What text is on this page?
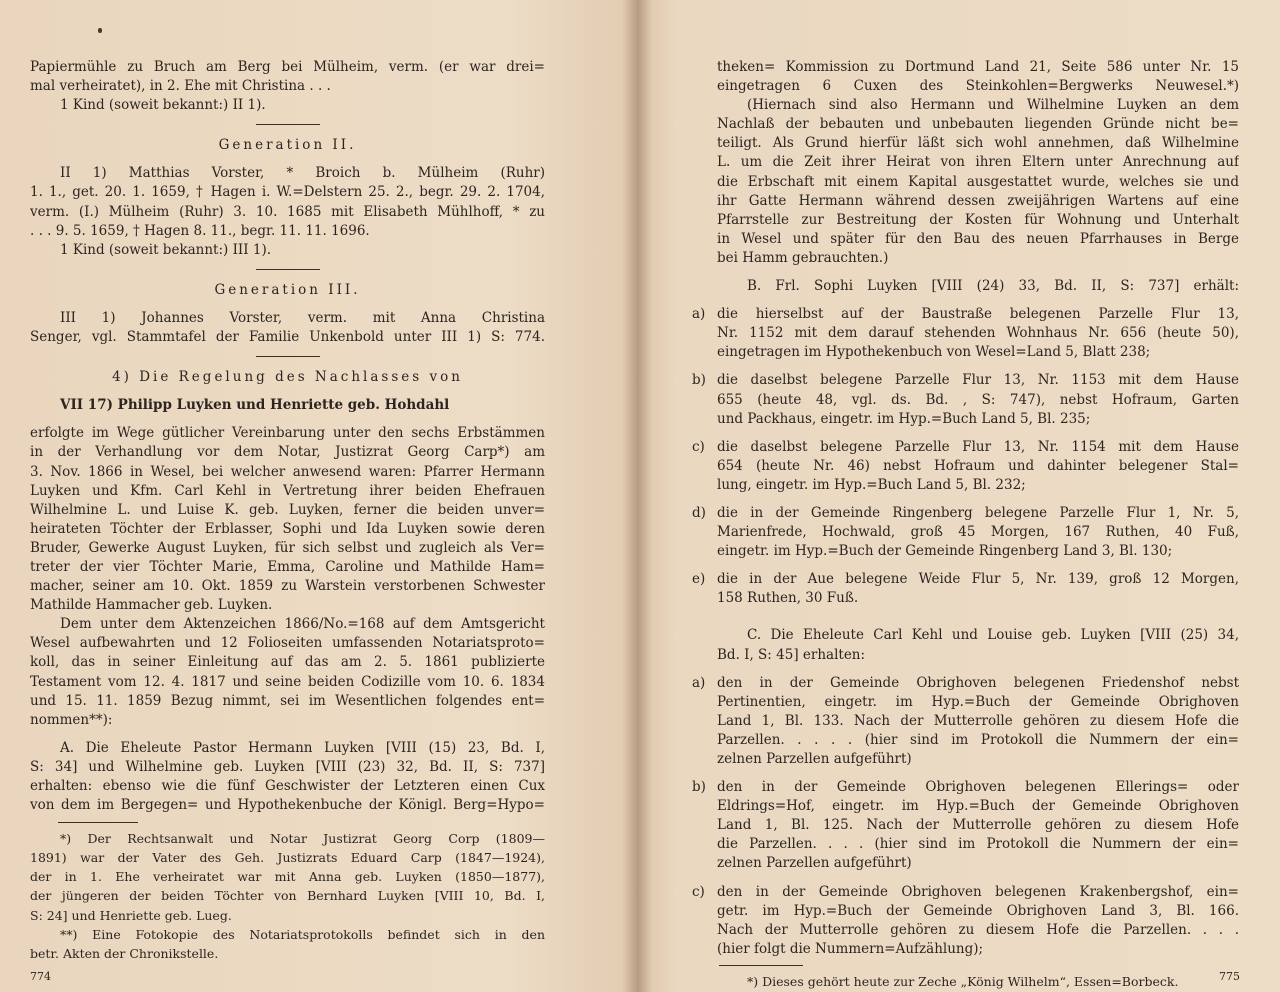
Papiermühle zu Bruch am Berg bei Mülheim, verm. (er war drei=
mal verheiratet), in 2. Ehe mit Christina . . .
1 Kind (soweit bekannt:) II 1).
Generation II.
II 1) Matthias Vorster, * Broich b. Mülheim (Ruhr)
1. 1., get. 20. 1. 1659, † Hagen i. W.=Delstern 25. 2., begr. 29. 2. 1704,
verm. (I.) Mülheim (Ruhr) 3. 10. 1685 mit Elisabeth Mühlhoff, * zu
. . . 9. 5. 1659, † Hagen 8. 11., begr. 11. 11. 1696.
1 Kind (soweit bekannt:) III 1).
Generation III.
III 1) Johannes Vorster, verm. mit Anna Christina
Senger, vgl. Stammtafel der Familie Unkenbold unter III 1) S: 774.
4) Die Regelung des Nachlasses von
VII 17) Philipp Luyken und Henriette geb. Hohdahl
erfolgte im Wege gütlicher Vereinbarung unter den sechs Erbstämmen
in der Verhandlung vor dem Notar, Justizrat Georg Carp*) am
3. Nov. 1866 in Wesel, bei welcher anwesend waren: Pfarrer Hermann
Luyken und Kfm. Carl Kehl in Vertretung ihrer beiden Ehefrauen
Wilhelmine L. und Luise K. geb. Luyken, ferner die beiden unver=
heirateten Töchter der Erblasser, Sophi und Ida Luyken sowie deren
Bruder, Gewerke August Luyken, für sich selbst und zugleich als Ver=
treter der vier Töchter Marie, Emma, Caroline und Mathilde Ham=
macher, seiner am 10. Okt. 1859 zu Warstein verstorbenen Schwester
Mathilde Hammacher geb. Luyken.
Dem unter dem Aktenzeichen 1866/No.=168 auf dem Amtsgericht
Wesel aufbewahrten und 12 Folioseiten umfassenden Notariatsproto=
koll, das in seiner Einleitung auf das am 2. 5. 1861 publizierte
Testament vom 12. 4. 1817 und seine beiden Codizille vom 10. 6. 1834
und 15. 11. 1859 Bezug nimmt, sei im Wesentlichen folgendes ent=
nommen**):
A. Die Eheleute Pastor Hermann Luyken [VIII (15) 23, Bd. I,
S: 34] und Wilhelmine geb. Luyken [VIII (23) 32, Bd. II, S: 737]
erhalten: ebenso wie die fünf Geschwister der Letzteren einen Cux
von dem im Bergegen= und Hypothekenbuche der Königl. Berg=Hypo=
*) Der Rechtsanwalt und Notar Justizrat Georg Corp (1809—
1891) war der Vater des Geh. Justizrats Eduard Carp (1847—1924),
der in 1. Ehe verheiratet war mit Anna geb. Luyken (1850—1877),
der jüngeren der beiden Töchter von Bernhard Luyken [VIII 10, Bd. I,
S: 24] und Henriette geb. Lueg.
**) Eine Fotokopie des Notariatsprotokolls befindet sich in den
betr. Akten der Chronikstelle.
774
theken= Kommission zu Dortmund Land 21, Seite 586 unter Nr. 15
eingetragen 6 Cuxen des Steinkohlen=Bergwerks Neuwesel.*)
(Hiernach sind also Hermann und Wilhelmine Luyken an dem
Nachlaß der bebauten und unbebauten liegenden Gründe nicht be=
teiligt. Als Grund hierfür läßt sich wohl annehmen, daß Wilhelmine
L. um die Zeit ihrer Heirat von ihren Eltern unter Anrechnung auf
die Erbschaft mit einem Kapital ausgestattet wurde, welches sie und
ihr Gatte Hermann während dessen zweijährigen Wartens auf eine
Pfarrstelle zur Bestreitung der Kosten für Wohnung und Unterhalt
in Wesel und später für den Bau des neuen Pfarrhauses in Berge
bei Hamm gebrauchten.)
B. Frl. Sophi Luyken [VIII (24) 33, Bd. II, S: 737] erhält:
a) die hierselbst auf der Baustraße belegenen Parzelle Flur 13,
Nr. 1152 mit dem darauf stehenden Wohnhaus Nr. 656 (heute 50),
eingetragen im Hypothekenbuch von Wesel=Land 5, Blatt 238;
b) die daselbst belegene Parzelle Flur 13, Nr. 1153 mit dem Hause
655 (heute 48, vgl. ds. Bd. , S: 747), nebst Hofraum, Garten
und Packhaus, eingetr. im Hyp.=Buch Land 5, Bl. 235;
c) die daselbst belegene Parzelle Flur 13, Nr. 1154 mit dem Hause
654 (heute Nr. 46) nebst Hofraum und dahinter belegener Stal=
lung, eingetr. im Hyp.=Buch Land 5, Bl. 232;
d) die in der Gemeinde Ringenberg belegene Parzelle Flur 1, Nr. 5,
Marienfrede, Hochwald, groß 45 Morgen, 167 Ruthen, 40 Fuß,
eingetr. im Hyp.=Buch der Gemeinde Ringenberg Land 3, Bl. 130;
e) die in der Aue belegene Weide Flur 5, Nr. 139, groß 12 Morgen,
158 Ruthen, 30 Fuß.
C. Die Eheleute Carl Kehl und Louise geb. Luyken [VIII (25) 34,
Bd. I, S: 45] erhalten:
a) den in der Gemeinde Obrighoven belegenen Friedenshof nebst
Pertinentien, eingetr. im Hyp.=Buch der Gemeinde Obrighoven
Land 1, Bl. 133. Nach der Mutterrolle gehören zu diesem Hofe die
Parzellen. . . . . (hier sind im Protokoll die Nummern der ein=
zelnen Parzellen aufgeführt)
b) den in der Gemeinde Obrighoven belegenen Ellerings= oder
Eldrings=Hof, eingetr. im Hyp.=Buch der Gemeinde Obrighoven
Land 1, Bl. 125. Nach der Mutterrolle gehören zu diesem Hofe
die Parzellen. . . . (hier sind im Protokoll die Nummern der ein=
zelnen Parzellen aufgeführt)
c) den in der Gemeinde Obrighoven belegenen Krakenbergshof, ein=
getr. im Hyp.=Buch der Gemeinde Obrighoven Land 3, Bl. 166.
Nach der Mutterrolle gehören zu diesem Hofe die Parzellen. . . .
(hier folgt die Nummern=Aufzählung);
*) Dieses gehört heute zur Zeche „König Wilhelm“, Essen=Borbeck.	775
